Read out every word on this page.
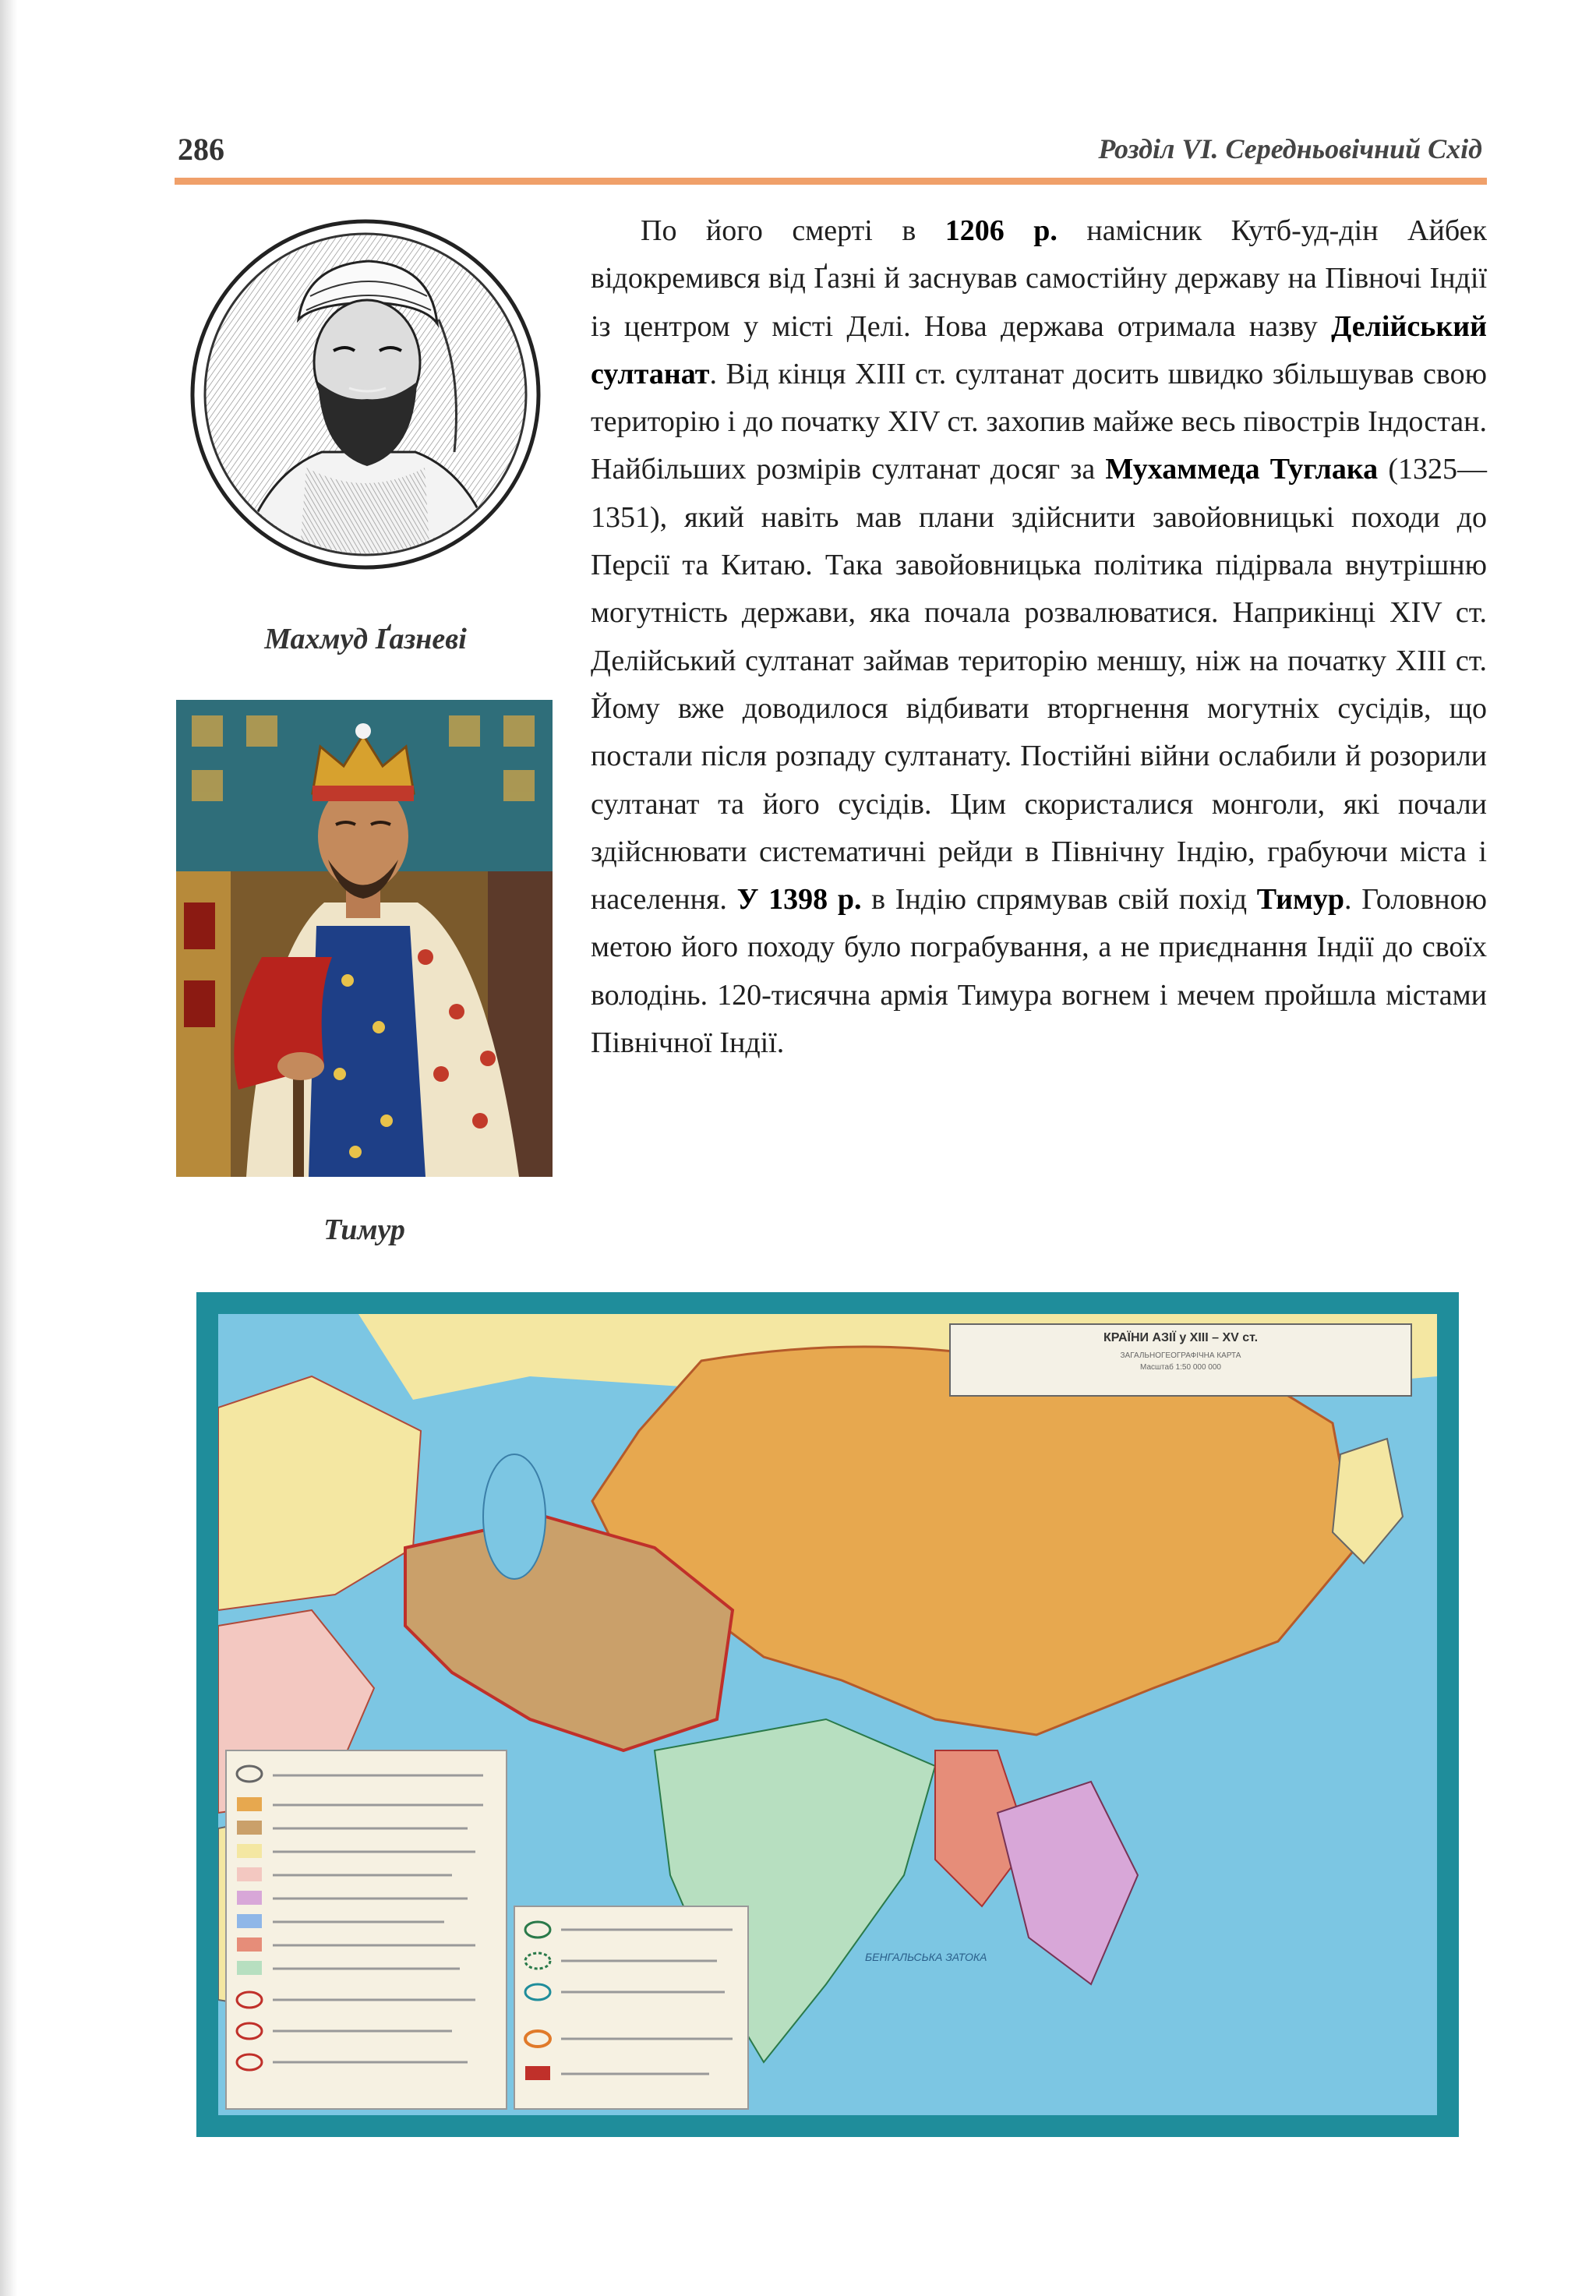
286	Розділ VI. Середньовічний Схід
Махмуд Ґазневі
Тимур
По його смерті в 1206 р. намісник Кутб-уд-дін Айбек відокремився від Ґазні й заснував самостійну державу на Півночі Індії із центром у місті Делі. Нова держава отримала назву Делійський султанат. Від кінця XIII ст. султанат досить швидко збільшував свою територію і до початку XIV ст. захопив майже весь півострів Індостан. Найбільших розмірів султанат досяг за Мухаммеда Туглака (1325—1351), який навіть мав плани здійснити завойовницькі походи до Персії та Китаю. Така завойовницька політика підірвала внутрішню могутність держави, яка почала розвалюватися. Наприкінці XIV ст. Делійський султанат займав територію меншу, ніж на початку XIII ст. Йому вже доводилося відбивати вторгнення могутніх сусідів, що постали після розпаду султанату. Постійні війни ослабили й розорили султанат та його сусідів. Цим скористалися монголи, які почали здійснювати систематичні рейди в Північну Індію, грабуючи міста і населення. У 1398 р. в Індію спрямував свій похід Тимур. Головною метою його походу було пограбування, а не приєднання Індії до своїх володінь. 120-тисячна армія Тимура вогнем і мечем пройшла містами Північної Індії.
БЕНГАЛЬСЬКА ЗАТОКА
КРАЇНИ АЗІЇ у XIII – XV ст.
ЗАГАЛЬНОГЕОГРАФІЧНА КАРТА
Масштаб 1:50 000 000
